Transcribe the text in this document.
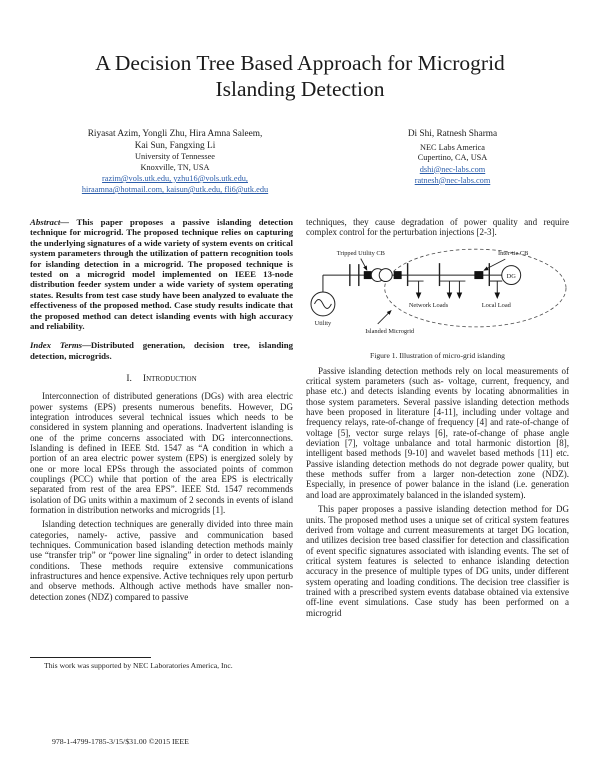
A Decision Tree Based Approach for Microgrid
Islanding Detection
Riyasat Azim, Yongli Zhu, Hira Amna Saleem,
Kai Sun, Fangxing Li
University of Tennessee
Knoxville, TN, USA
razim@vols.utk.edu, yzhu16@vols.utk.edu,
hiraamna@hotmail.com, kaisun@utk.edu, fli6@utk.edu
Di Shi, Ratnesh Sharma
NEC Labs America
Cupertino, CA, USA
dshi@nec-labs.com
ratnesh@nec-labs.com

Abstract— This paper proposes a passive islanding detection technique for microgrid. The proposed technique relies on capturing the underlying signatures of a wide variety of system events on critical system parameters through the utilization of pattern recognition tools for islanding detection in a microgrid. The proposed technique is tested on a microgrid model implemented on IEEE 13-node distribution feeder system under a wide variety of system operating states. Results from test case study have been analyzed to evaluate the effectiveness of the proposed method. Case study results indicate that the proposed method can detect islanding events with high accuracy and reliability.

Index Terms—Distributed generation, decision tree, islanding detection, microgrids.

I. Introduction

Interconnection of distributed generations (DGs) with area electric power systems (EPS) presents numerous benefits. However, DG integration introduces several technical issues which needs to be considered in system planning and operations. Inadvertent islanding is one of the prime concerns associated with DG interconnections. Islanding is defined in IEEE Std. 1547 as “A condition in which a portion of an area electric power system (EPS) is energized solely by one or more local EPSs through the associated points of common couplings (PCC) while that portion of the area EPS is electrically separated from rest of the area EPS”. IEEE Std. 1547 recommends isolation of DG units within a maximum of 2 seconds in events of island formation in distribution networks and microgrids [1].

Islanding detection techniques are generally divided into three main categories, namely- active, passive and communication based techniques. Communication based islanding detection methods mainly use “transfer trip” or “power line signaling” in order to detect islanding conditions. These methods require extensive communications infrastructures and hence expensive. Active techniques rely upon perturb and observe methods. Although active methods have smaller non-detection zones (NDZ) compared to passive

This work was supported by NEC Laboratories America, Inc.

techniques, they cause degradation of power quality and require complex control for the perturbation injections [2-3].

DG
Tripped Utility CB	Inter-tie CB
Utility
Network Loads	Local Load
Islanded Microgrid
Figure 1. Illustration of micro-grid islanding

Passive islanding detection methods rely on local measurements of critical system parameters (such as- voltage, current, frequency, and phase etc.) and detects islanding events by locating abnormalities in those system parameters. Several passive islanding detection methods have been proposed in literature [4-11], including under voltage and frequency relays, rate-of-change of frequency [4] and rate-of-change of voltage [5], vector surge relays [6], rate-of-change of phase angle deviation [7], voltage unbalance and total harmonic distortion [8], intelligent based methods [9-10] and wavelet based methods [11] etc. Passive islanding detection methods do not degrade power quality, but these methods suffer from a larger non-detection zone (NDZ). Especially, in presence of power balance in the island (i.e. generation and load are approximately balanced in the islanded system).

This paper proposes a passive islanding detection method for DG units. The proposed method uses a unique set of critical system features derived from voltage and current measurements at target DG location, and utilizes decision tree based classifier for detection and classification of event specific signatures associated with islanding events. The set of critical system features is selected to enhance islanding detection accuracy in the presence of multiple types of DG units, under different system operating and loading conditions. The decision tree classifier is trained with a prescribed system events database obtained via extensive off-line event simulations. Case study has been performed on a microgrid

978-1-4799-1785-3/15/$31.00 ©2015 IEEE
